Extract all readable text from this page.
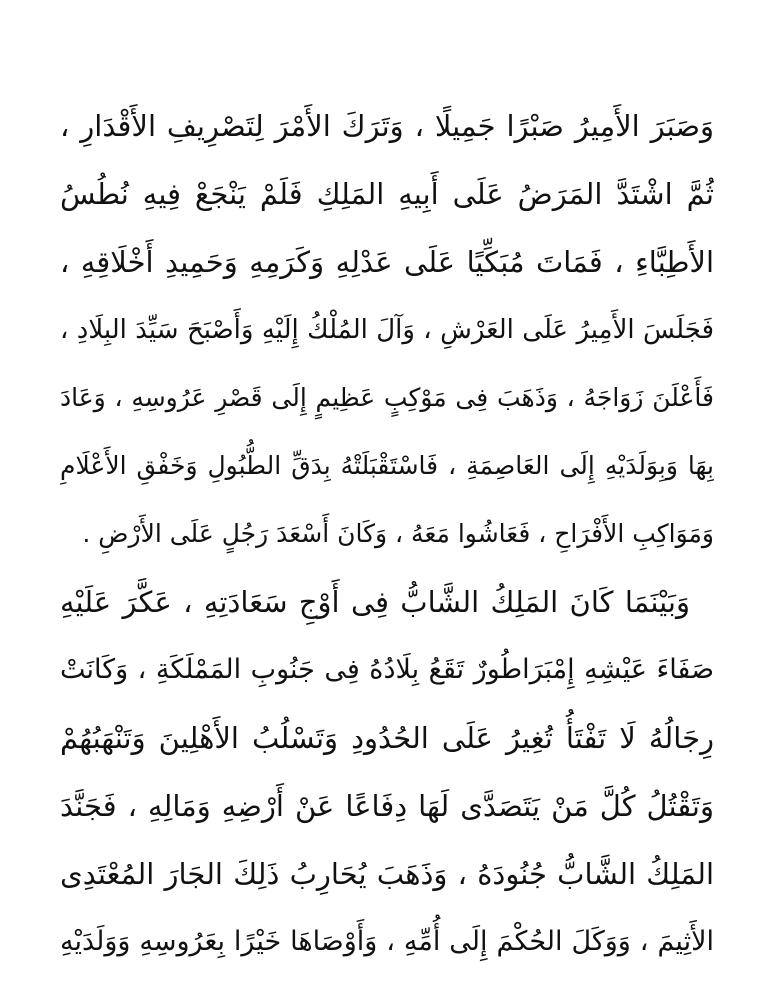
وَصَبَرَ الأَمِيرُ صَبْرًا جَمِيلًا ، وَتَرَكَ الأَمْرَ لِتَصْرِيفِ الأَقْدَارِ ،
ثُمَّ اشْتَدَّ المَرَضُ عَلَى أَبِيهِ المَلِكِ فَلَمْ يَنْجَعْ فِيهِ نُطُسُ
الأَطِبَّاءِ ، فَمَاتَ مُبَكِّيًا عَلَى عَدْلِهِ وَكَرَمِهِ وَحَمِيدِ أَخْلَاقِهِ ،
فَجَلَسَ الأَمِيرُ عَلَى العَرْشِ ، وَآلَ المُلْكُ إِلَيْهِ وَأَصْبَحَ سَيِّدَ البِلَادِ ،
فَأَعْلَنَ زَوَاجَهُ ، وَذَهَبَ فِى مَوْكِبٍ عَظِيمٍ إِلَى قَصْرِ عَرُوسِهِ ، وَعَادَ
بِهَا وَبِوَلَدَيْهِ إِلَى العَاصِمَةِ ، فَاسْتَقْبَلَتْهُ بِدَقِّ الطُّبُولِ وَخَفْقِ الأَعْلَامِ
وَمَوَاكِبِ الأَفْرَاحِ ، فَعَاشُوا مَعَهُ ، وَكَانَ أَسْعَدَ رَجُلٍ عَلَى الأَرْضِ .
وَبَيْنَمَا كَانَ المَلِكُ الشَّابُّ فِى أَوْجِ سَعَادَتِهِ ، عَكَّرَ عَلَيْهِ
صَفَاءَ عَيْشِهِ إِمْبَرَاطُورٌ تَقَعُ بِلَادُهُ فِى جَنُوبِ المَمْلَكَةِ ، وَكَانَتْ
رِجَالُهُ لَا تَفْتَأُ تُغِيرُ عَلَى الحُدُودِ وَتَسْلُبُ الأَهْلِينَ وَتَنْهَبُهُمْ
وَتَقْتُلُ كُلَّ مَنْ يَتَصَدَّى لَهَا دِفَاعًا عَنْ أَرْضِهِ وَمَالِهِ ، فَجَنَّدَ
المَلِكُ الشَّابُّ جُنُودَهُ ، وَذَهَبَ يُحَارِبُ ذَلِكَ الجَارَ المُعْتَدِى
الأَثِيمَ ، وَوَكَلَ الحُكْمَ إِلَى أُمِّهِ ، وَأَوْصَاهَا خَيْرًا بِعَرُوسِهِ وَوَلَدَيْهِ
